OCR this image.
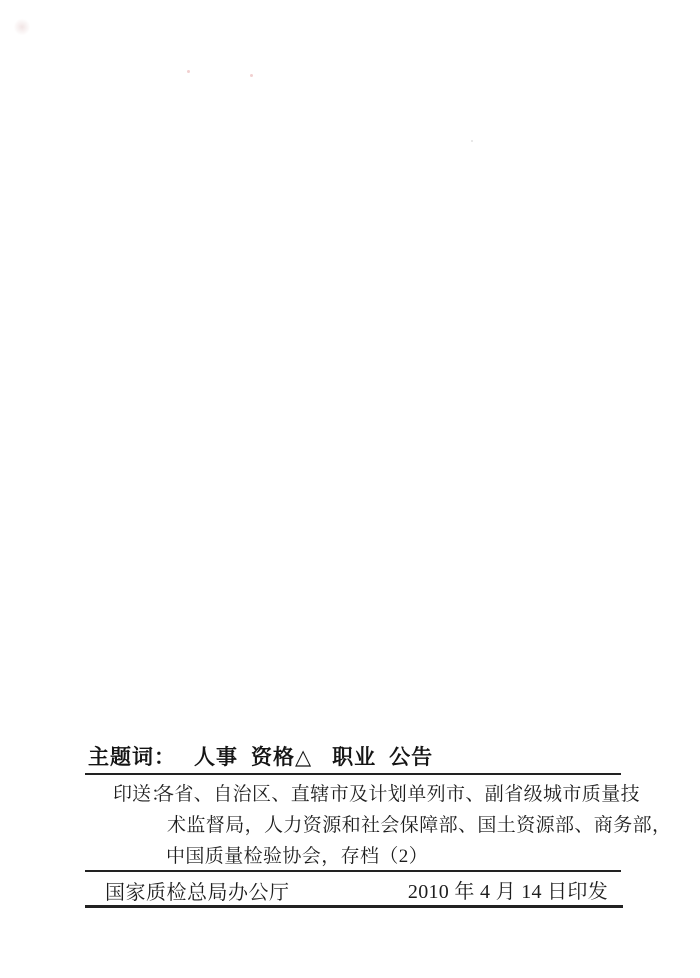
主题词： 人事 资格△ 职业 公告
印送：
各省、自治区、直辖市及计划单列市、副省级城市质量技
术监督局，人力资源和社会保障部、国土资源部、商务部，
中国质量检验协会，存档（2）
国家质检总局办公厅	2010 年 4 月 14 日印发
